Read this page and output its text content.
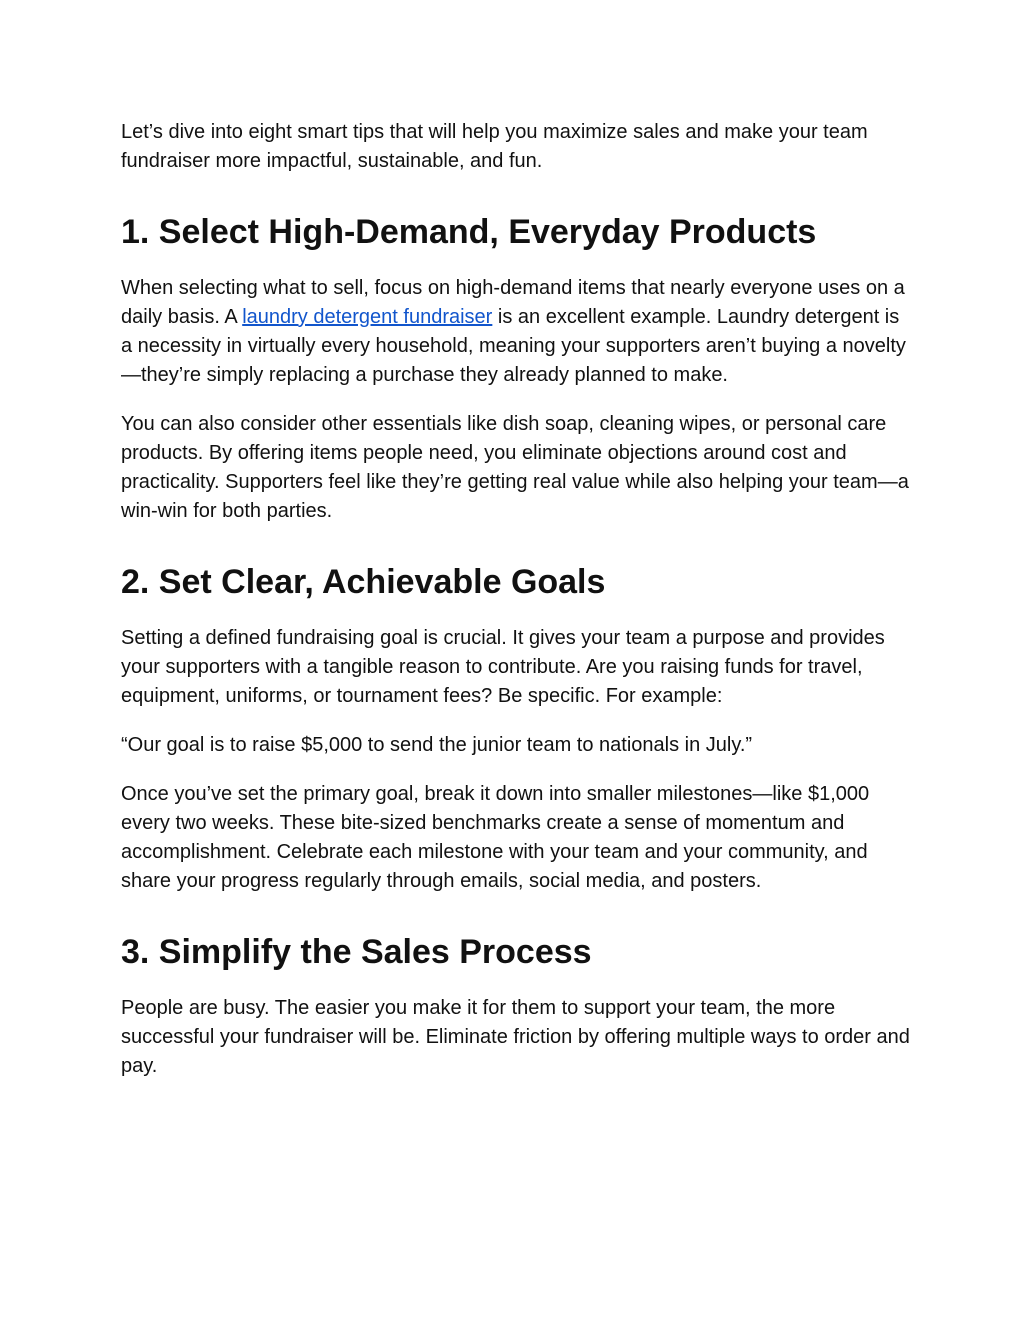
Let’s dive into eight smart tips that will help you maximize sales and make your team fundraiser more impactful, sustainable, and fun.

1. Select High-Demand, Everyday Products

When selecting what to sell, focus on high-demand items that nearly everyone uses on a daily basis. A laundry detergent fundraiser is an excellent example. Laundry detergent is a necessity in virtually every household, meaning your supporters aren’t buying a novelty—they’re simply replacing a purchase they already planned to make.

You can also consider other essentials like dish soap, cleaning wipes, or personal care products. By offering items people need, you eliminate objections around cost and practicality. Supporters feel like they’re getting real value while also helping your team—a win-win for both parties.

2. Set Clear, Achievable Goals

Setting a defined fundraising goal is crucial. It gives your team a purpose and provides your supporters with a tangible reason to contribute. Are you raising funds for travel, equipment, uniforms, or tournament fees? Be specific. For example:

“Our goal is to raise $5,000 to send the junior team to nationals in July.”

Once you’ve set the primary goal, break it down into smaller milestones—like $1,000 every two weeks. These bite-sized benchmarks create a sense of momentum and accomplishment. Celebrate each milestone with your team and your community, and share your progress regularly through emails, social media, and posters.

3. Simplify the Sales Process

People are busy. The easier you make it for them to support your team, the more successful your fundraiser will be. Eliminate friction by offering multiple ways to order and pay.
